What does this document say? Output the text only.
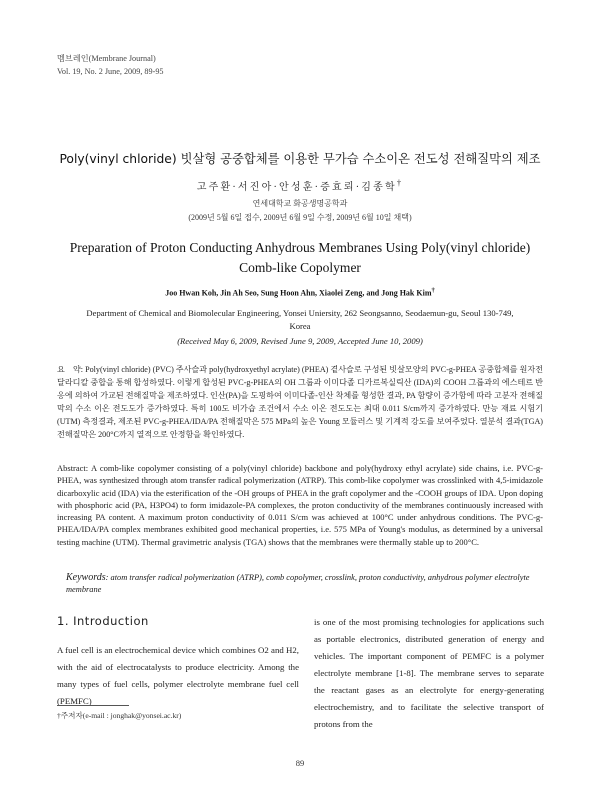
멤브레인(Membrane Journal)
Vol. 19, No. 2 June, 2009, 89-95
Poly(vinyl chloride) 빗살형 공중합체를 이용한 무가습 수소이온 전도성 전해질막의 제조
고주환·서진아·안성훈·증효뢰·김종학†
연세대학교 화공생명공학과
(2009년 5월 6일 접수, 2009년 6월 9일 수정, 2009년 6월 10일 채택)
Preparation of Proton Conducting Anhydrous Membranes Using Poly(vinyl chloride)
Comb-like Copolymer
Joo Hwan Koh, Jin Ah Seo, Sung Hoon Ahn, Xiaolei Zeng, and Jong Hak Kim†
Department of Chemical and Biomolecular Engineering, Yonsei Uniersity, 262 Seongsanno, Seodaemun-gu, Seoul 130-749,
Korea
(Received May 6, 2009, Revised June 9, 2009, Accepted June 10, 2009)
요　약: Poly(vinyl chloride) (PVC) 주사슬과 poly(hydroxyethyl acrylate) (PHEA) 곁사슬로 구성된 빗살모양의 PVC-g-PHEA 공중합체를 원자전달라디칼 중합을 통해 합성하였다. 이렇게 합성된 PVC-g-PHEA의 OH 그룹과 이미다졸 디카르복실릭산 (IDA)의 COOH 그룹과의 에스테르 반응에 의하여 가교된 전해질막을 제조하였다. 인산(PA)을 도핑하여 이미다졸-인산 착체를 형성한 결과, PA 함량이 증가함에 따라 고분자 전해질막의 수소 이온 전도도가 증가하였다. 특히 100도 비가습 조건에서 수소 이온 전도도는 최대 0.011 S/cm까지 증가하였다. 만능 재료 시험기(UTM) 측정결과, 제조된 PVC-g-PHEA/IDA/PA 전해질막은 575 MPa의 높은 Young 모듈러스 및 기계적 강도를 보여주었다. 열분석 결과(TGA) 전해질막은 200°C까지 열적으로 안정함을 확인하였다.
Abstract: A comb-like copolymer consisting of a poly(vinyl chloride) backbone and poly(hydroxy ethyl acrylate) side chains, i.e. PVC-g-PHEA, was synthesized through atom transfer radical polymerization (ATRP). This comb-like copolymer was crosslinked with 4,5-imidazole dicarboxylic acid (IDA) via the esterification of the -OH groups of PHEA in the graft copolymer and the -COOH groups of IDA. Upon doping with phosphoric acid (PA, H3PO4) to form imidazole-PA complexes, the proton conductivity of the membranes continuously increased with increasing PA content. A maximum proton conductivity of 0.011 S/cm was achieved at 100°C under anhydrous conditions. The PVC-g-PHEA/IDA/PA complex membranes exhibited good mechanical properties, i.e. 575 MPa of Young's modulus, as determined by a universal testing machine (UTM). Thermal gravimetric analysis (TGA) shows that the membranes were thermally stable up to 200°C.
Keywords: atom transfer radical polymerization (ATRP), comb copolymer, crosslink, proton conductivity, anhydrous polymer electrolyte membrane
1. Introduction
A fuel cell is an electrochemical device which combines O2 and H2, with the aid of electrocatalysts to produce electricity. Among the many types of fuel cells, polymer electrolyte membrane fuel cell (PEMFC)
is one of the most promising technologies for applications such as portable electronics, distributed generation of energy and vehicles. The important component of PEMFC is a polymer electrolyte membrane [1-8]. The membrane serves to separate the reactant gases as an electrolyte for energy-generating electrochemistry, and to facilitate the selective transport of protons from the
†주저자(e-mail : jonghak@yonsei.ac.kr)
89
